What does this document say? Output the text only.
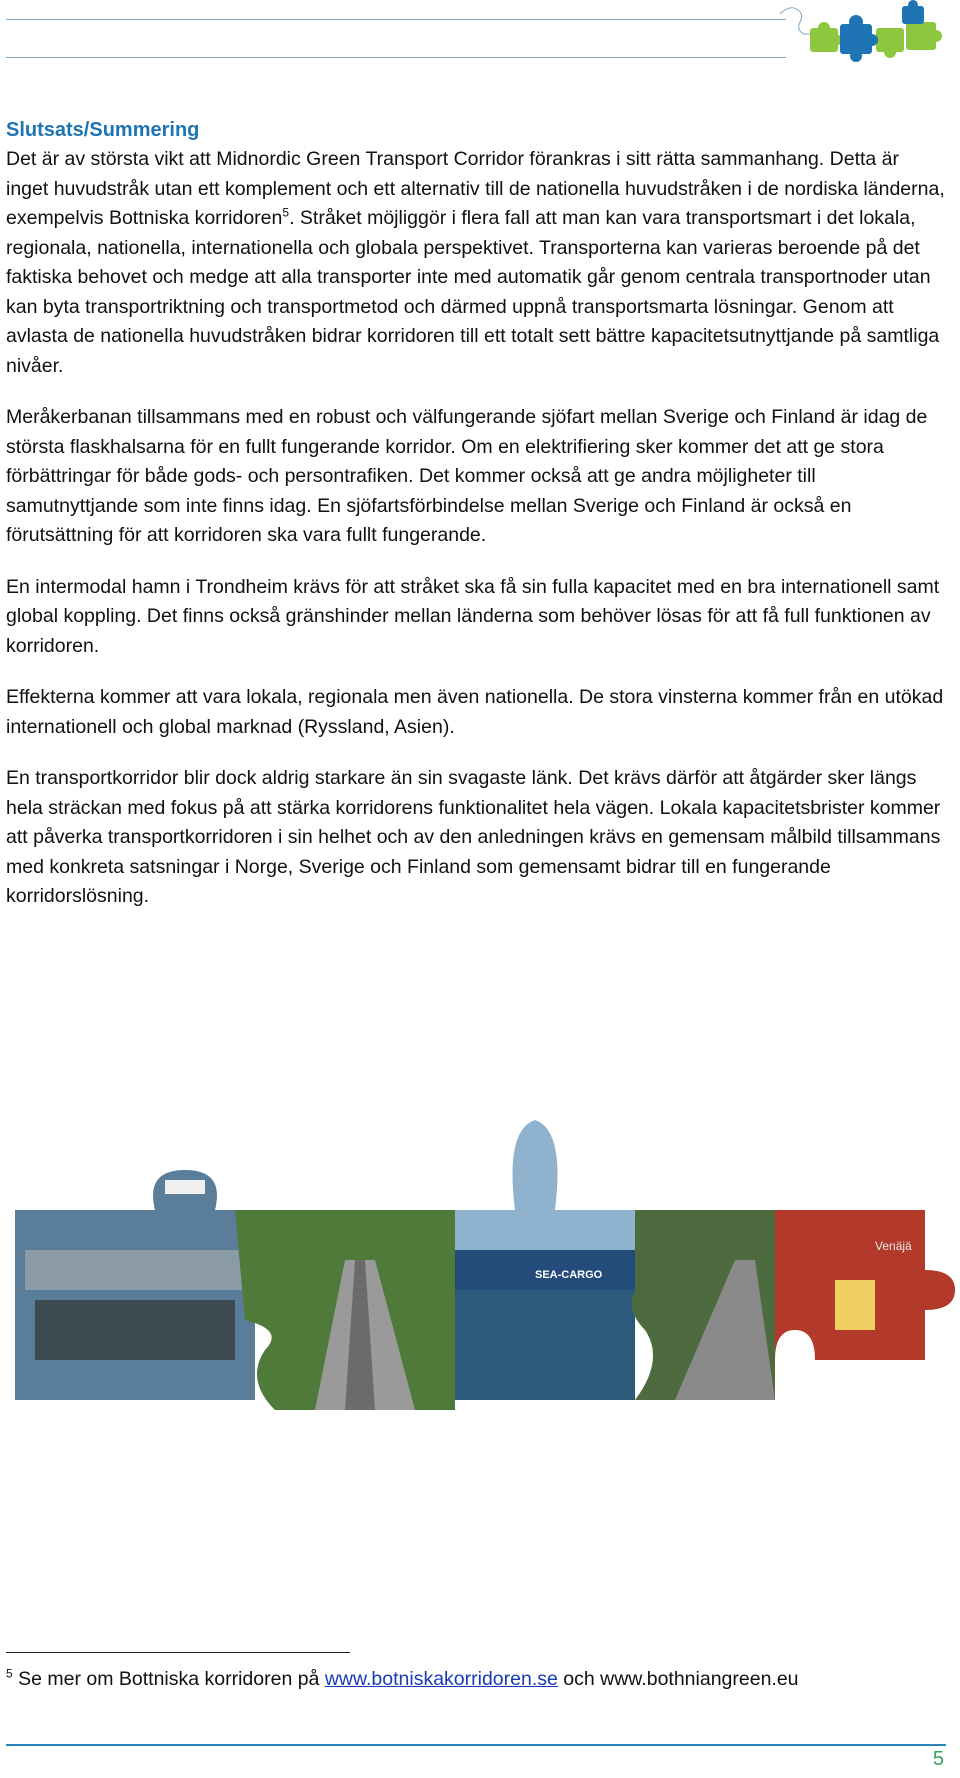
Slutsats/Summering

Det är av största vikt att Midnordic Green Transport Corridor förankras i sitt rätta sammanhang. Detta är inget huvudstråk utan ett komplement och ett alternativ till de nationella huvudstråken i de nordiska länderna, exempelvis Bottniska korridoren$^5$. Stråket möjliggör i flera fall att man kan vara transportsmart i det lokala, regionala, nationella, internationella och globala perspektivet. Transporterna kan varieras beroende på det faktiska behovet och medge att alla transporter inte med automatik går genom centrala transportnoder utan kan byta transportriktning och transportmetod och därmed uppnå transportsmarta lösningar. Genom att avlasta de nationella huvudstråken bidrar korridoren till ett totalt sett bättre kapacitetsutnyttjande på samtliga nivåer.

Meråkerbanan tillsammans med en robust och välfungerande sjöfart mellan Sverige och Finland är idag de största flaskhalsarna för en fullt fungerande korridor. Om en elektrifiering sker kommer det att ge stora förbättringar för både gods- och persontrafiken. Det kommer också att ge andra möjligheter till samutnyttjande som inte finns idag. En sjöfartsförbindelse mellan Sverige och Finland är också en förutsättning för att korridoren ska vara fullt fungerande.

En intermodal hamn i Trondheim krävs för att stråket ska få sin fulla kapacitet med en bra internationell samt global koppling. Det finns också gränshinder mellan länderna som behöver lösas för att få full funktionen av korridoren.

Effekterna kommer att vara lokala, regionala men även nationella. De stora vinsterna kommer från en utökad internationell och global marknad (Ryssland, Asien).

En transportkorridor blir dock aldrig starkare än sin svagaste länk. Det krävs därför att åtgärder sker längs hela sträckan med fokus på att stärka korridorens funktionalitet hela vägen. Lokala kapacitetsbrister kommer att påverka transportkorridoren i sin helhet och av den anledningen krävs en gemensam målbild tillsammans med konkreta satsningar i Norge, Sverige och Finland som gemensamt bidrar till en fungerande korridorslösning.

SEA-CARGO
Venäjä
$^5$ Se mer om Bottniska korridoren på www.botniskakorridoren.se och www.bothniangreen.eu
5
